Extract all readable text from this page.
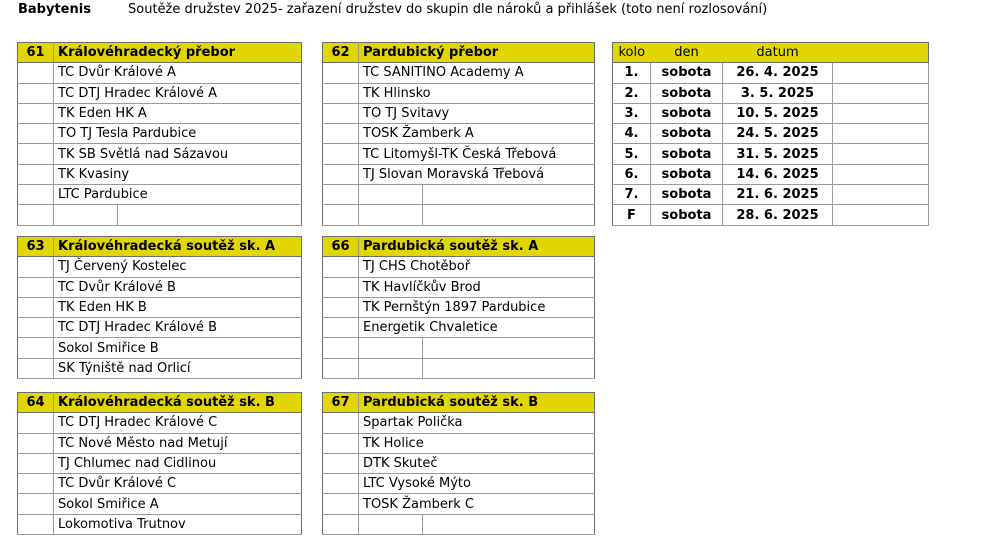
Babytenis	Soutěže družstev 2025- zařazení družstev do skupin dle nároků a přihlášek (toto není rozlosování)
61	Královéhradecký přebor	
	TC Dvůr Králové A	
	TC DTJ Hradec Králové A	
	TK Eden HK A	
	TO TJ Tesla Pardubice	
	TK SB Světlá nad Sázavou	
	TK Kvasiny	
	LTC Pardubice	

62	Pardubický přebor	
	TC SANITINO Academy A	
	TK Hlinsko	
	TO TJ Svitavy	
	TOSK Žamberk A	
	TC Litomyšl-TK Česká Třebová	
	TJ Slovan Moravská Třebová	

63	Královéhradecká soutěž sk. A
	TJ Červený Kostelec
	TC Dvůr Králové B
	TK Eden HK B
	TC DTJ Hradec Králové B
	Sokol Smiřice B
	SK Týniště nad Orlicí
66	Pardubická soutěž sk. A	
	TJ CHS Chotěboř	
	TK Havlíčkův Brod	
	TK Pernštýn 1897 Pardubice	
	Energetik Chvaletice	

64	Královéhradecká soutěž sk. B
	TC DTJ Hradec Králové C
	TC Nové Město nad Metují
	TJ Chlumec nad Cidlinou
	TC Dvůr Králové C
	Sokol Smiřice A
	Lokomotiva Trutnov
67	Pardubická soutěž sk. B	
	Spartak Polička	
	TK Holice	
	DTK Skuteč	
	LTC Vysoké Mýto	
	TOSK Žamberk C	

kolo	den	datum	
1.	sobota	26. 4. 2025	
2.	sobota	3. 5. 2025	
3.	sobota	10. 5. 2025	
4.	sobota	24. 5. 2025	
5.	sobota	31. 5. 2025	
6.	sobota	14. 6. 2025	
7.	sobota	21. 6. 2025	
F	sobota	28. 6. 2025	
